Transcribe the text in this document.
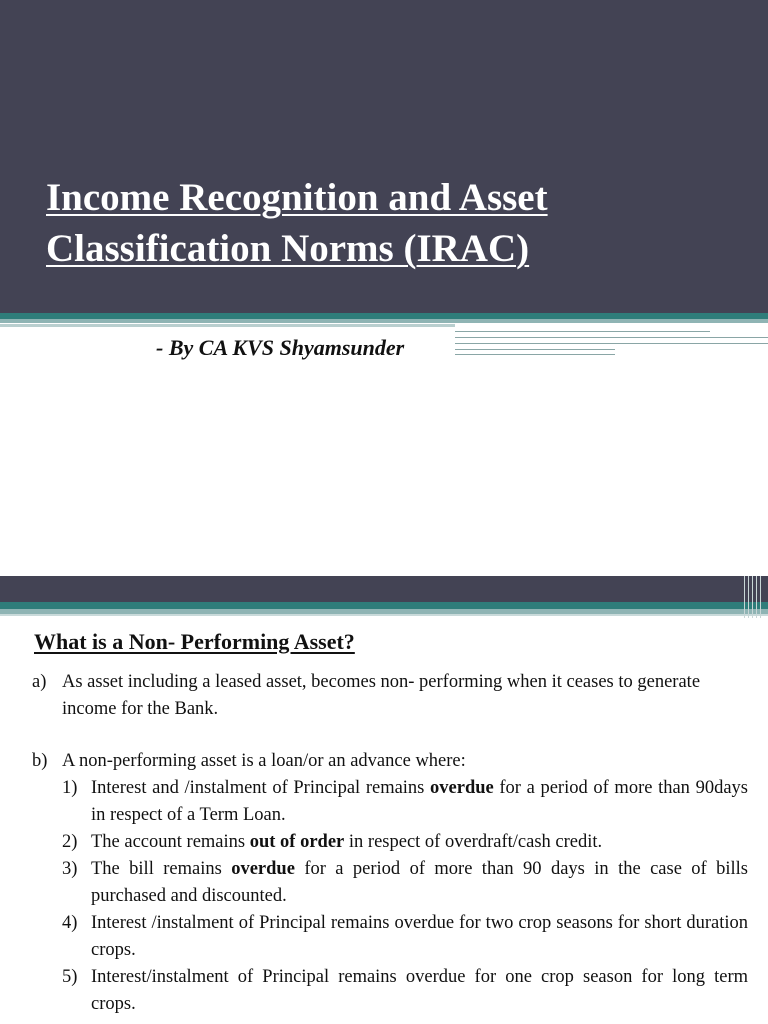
Income Recognition and Asset
Classification Norms (IRAC)
- By CA KVS Shyamsunder
What is a Non- Performing Asset?
a) As asset including a leased asset, becomes non- performing when it ceases to generate income for the Bank.
b) A non-performing asset is a loan/or an advance where:
1) Interest and /instalment of Principal remains overdue for a period of more than 90days in respect of a Term Loan.
2) The account remains out of order in respect of overdraft/cash credit.
3) The bill remains overdue for a period of more than 90 days in the case of bills purchased and discounted.
4) Interest /instalment of Principal remains overdue for two crop seasons for short duration crops.
5) Interest/instalment of Principal remains overdue for one crop season for long term crops.
